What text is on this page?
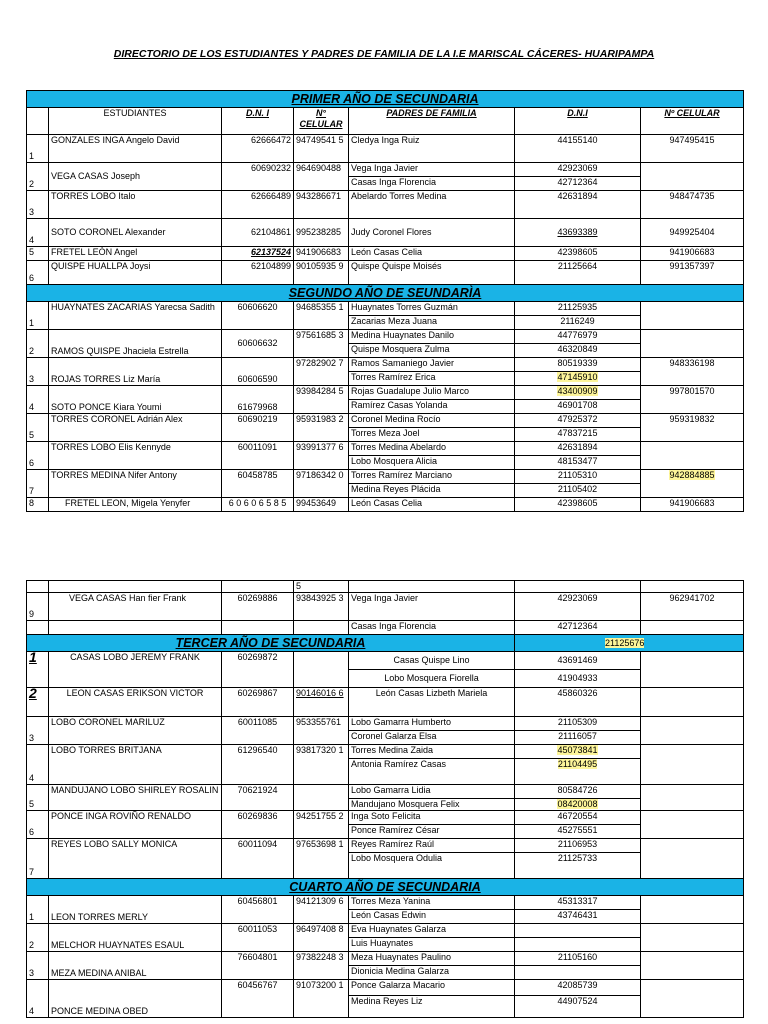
DIRECTORIO DE LOS ESTUDIANTES Y PADRES DE FAMILIA DE LA I.E MARISCAL CÁCERES- HUARIPAMPA
PRIMER AÑO DE SECUNDARIA						
	ESTUDIANTES	D.N. I	N° CELULAR	PADRES DE FAMILIA	D.N.I	Nº CELULAR
1	GONZALES INGA Angelo David	62666472	94749541 5	Cledya Inga Ruiz	44155140	947495415
2	VEGA CASAS Joseph	60690232	964690488	Vega Inga Javier	42923069	
				Casas Inga Florencia	42712364	
3	TORRES LOBO Italo	62666489	943286671	Abelardo Torres Medina	42631894	948474735
4	SOTO CORONEL Alexander	62104861	995238285	Judy Coronel Flores	43693389	949925404
5	FRETEL LEÓN Angel	62137524	941906683	León Casas Celia	42398605	941906683
6	QUISPE HUALLPA Joysi	62104899	90105935 9	Quispe Quispe Moisés	21125664	991357397
SEGUNDO AÑO DE SEUNDARÌA						
1	HUAYNATES ZACARIAS Yarecsa Sadith	60606620	94685355 1	Huaynates Torres Guzmán	21125935	
				Zacarias Meza Juana	2116249	
2	RAMOS QUISPE Jhaciela Estrella	60606632	97561685 3	Medina Huaynates Danilo	44776979	
				Quispe Mosquera Zulma	46320849	
3	ROJAS TORRES Liz María	60606590	97282902 7	Ramos Samaniego Javier	80519339	948336198
				Torres Ramírez Erica	47145910	
4	SOTO PONCE Kiara Youmi	61679968	93984284 5	Rojas Guadalupe Julio Marco	43400909	997801570
				Ramírez Casas Yolanda	46901708	
5	TORRES CORONEL Adrián Alex	60690219	95931983 2	Coronel Medina Rocío	47925372	959319832
				Torres Meza Joel	47837215	
6	TORRES LOBO Elis Kennyde	60011091	93991377 6	Torres Medina Abelardo	42631894	
				Lobo Mosquera Alicia	48153477	
7	TORRES MEDINA Nifer Antony	60458785	97186342 0	Torres Ramírez Marciano	21105310	942884885
				Medina Reyes Plácida	21105402	
8	FRETEL LEON, Migela Yenyfer	6 0 6 0 6 5 8 5	99453649	León Casas Celia	42398605	941906683
			5			
9	VEGA CASAS Han fier Frank	60269886	93843925 3	Vega Inga Javier	42923069	962941702
				Casas Inga Florencia	42712364	
TERCER AÑO DE SECUNDARIA					21125676	
1	CASAS LOBO JEREMY FRANK	60269872		Casas Quispe Lino	43691469	
				Lobo Mosquera Fiorella	41904933	
2	LEON CASAS ERIKSON VICTOR	60269867	90146016 6	León Casas Lizbeth Mariela	45860326	
3	LOBO CORONEL MARILUZ	60011085	953355761	Lobo Gamarra Humberto	21105309	
				Coronel Galarza Elsa	21116057	
4	LOBO TORRES BRITJANA	61296540	93817320 1	Torres Medina Zaida	45073841	
				Antonia Ramírez Casas	21104495	
5	MANDUJANO LOBO SHIRLEY ROSALIN	70621924		Lobo Gamarra Lidia	80584726	
				Mandujano Mosquera Felix	08420008	
6	PONCE INGA ROVIÑO RENALDO	60269836	94251755 2	Inga Soto Felicita	46720554	
				Ponce Ramírez César	45275551	
7	REYES LOBO SALLY MONICA	60011094	97653698 1	Reyes Ramírez Raúl	21106953	
				Lobo Mosquera Odulia	21125733	
CUARTO AÑO DE SECUNDARIA						
1	LEON TORRES MERLY	60456801	94121309 6	Torres Meza Yanina	45313317	
				León Casas Edwin	43746431	
2	MELCHOR HUAYNATES ESAUL	60011053	96497408 8	Eva Huaynates Galarza		
				Luis Huaynates		
3	MEZA MEDINA ANIBAL	76604801	97382248 3	Meza Huaynates Paulino	21105160	
				Dionicia Medina Galarza		
4	PONCE MEDINA OBED	60456767	91073200 1	Ponce Galarza Macario	42085739	
				Medina Reyes Liz	44907524	
